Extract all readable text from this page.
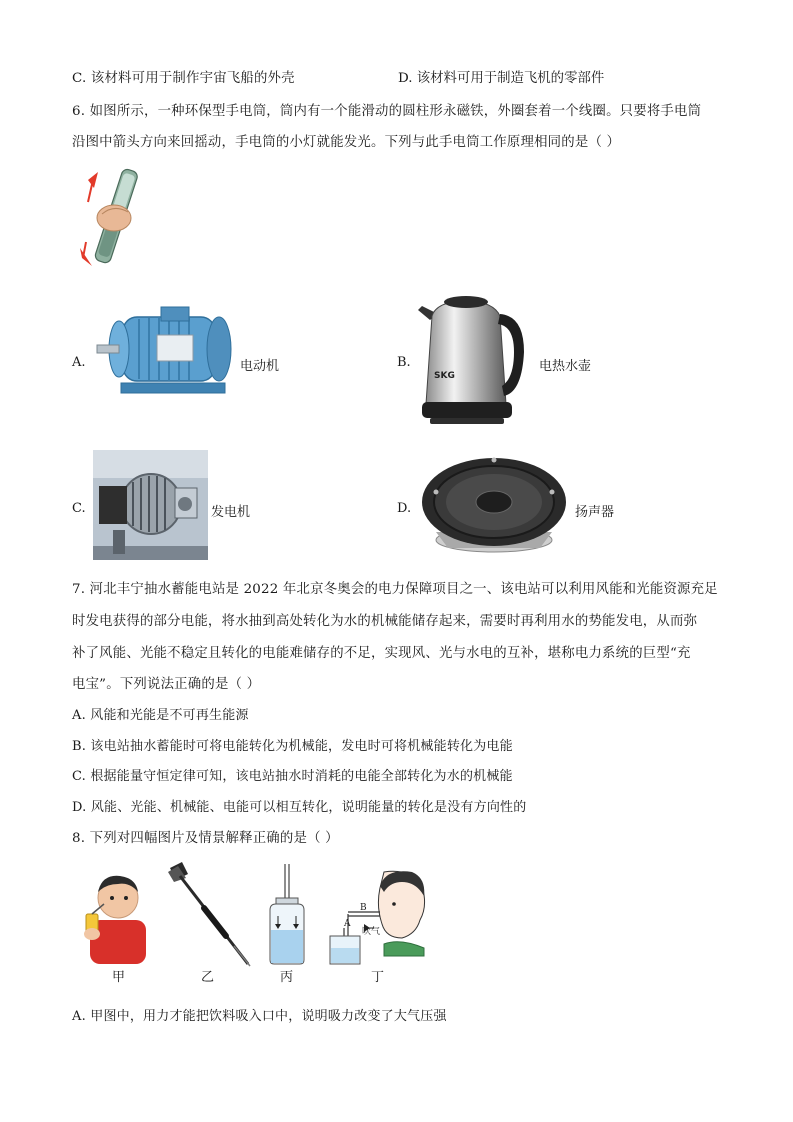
C. 该材料可用于制作宇宙飞船的外壳	D. 该材料可用于制造飞机的零部件
6. 如图所示，一种环保型手电筒，筒内有一个能滑动的圆柱形永磁铁，外圈套着一个线圈。只要将手电筒
沿图中箭头方向来回摇动，手电筒的小灯就能发光。下列与此手电筒工作原理相同的是（ ）
A.	电动机	B.
SKG
电热水壶
C.	发电机	D.	扬声器
7. 河北丰宁抽水蓄能电站是 2022 年北京冬奥会的电力保障项目之一、该电站可以利用风能和光能资源充足
时发电获得的部分电能，将水抽到高处转化为水的机械能储存起来，需要时再利用水的势能发电，从而弥
补了风能、光能不稳定且转化的电能难储存的不足，实现风、光与水电的互补，堪称电力系统的巨型“充
电宝”。下列说法正确的是（ ）
A. 风能和光能是不可再生能源
B. 该电站抽水蓄能时可将电能转化为机械能，发电时可将机械能转化为电能
C. 根据能量守恒定律可知，该电站抽水时消耗的电能全部转化为水的机械能
D. 风能、光能、机械能、电能可以相互转化，说明能量的转化是没有方向性的
8. 下列对四幅图片及情景解释正确的是（ ）
甲	乙	丙
A
B
吹气
丁
A. 甲图中，用力才能把饮料吸入口中，说明吸力改变了大气压强
